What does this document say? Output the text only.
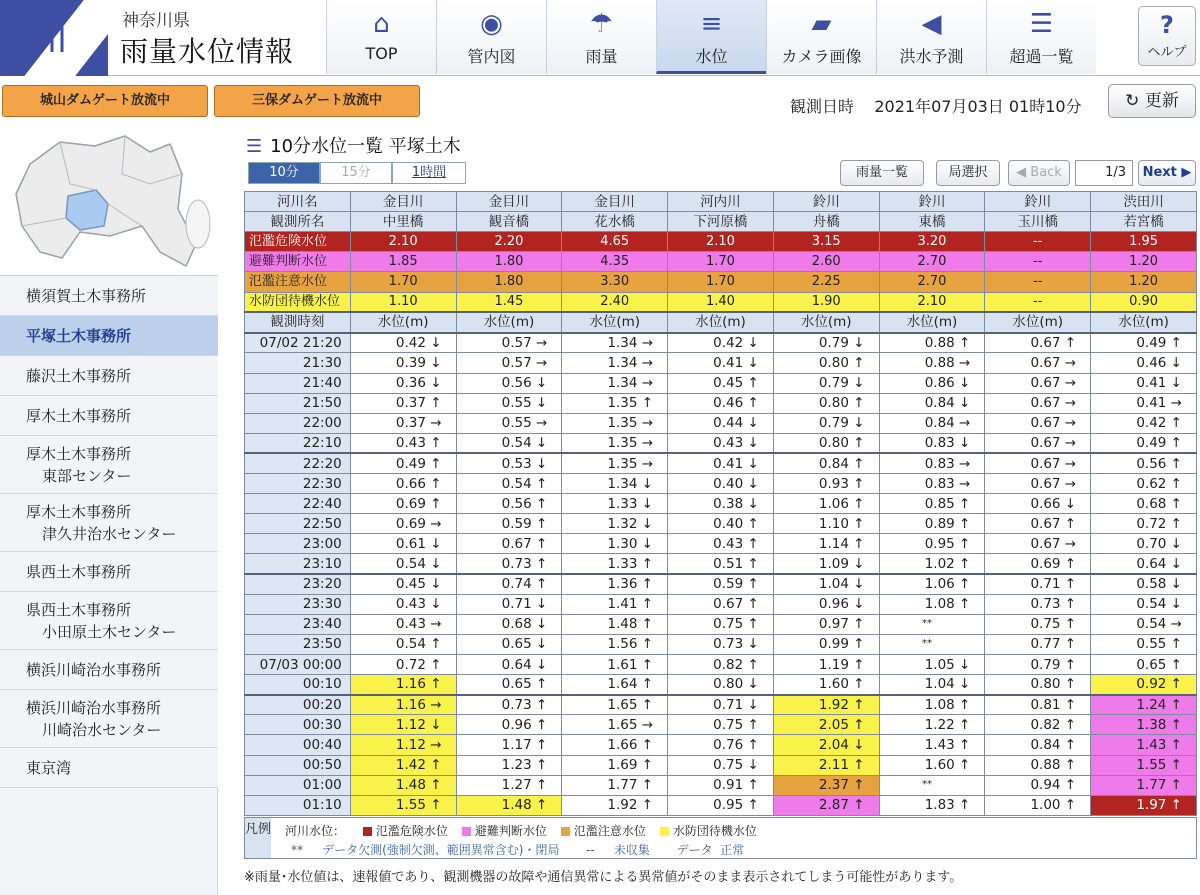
神奈川県
雨量水位情報
⌂
TOP
◉
管内図
☂
雨量
≡
水位
▰
カメラ画像
◀
洪水予測
☰
超過一覧
?
ヘルプ
城山ダムゲート放流中	三保ダムゲート放流中	観測日時 2021年07月03日 01時10分	↻ 更新
横須賀土木事務所
平塚土木事務所
藤沢土木事務所
厚木土木事務所
厚木土木事務所
東部センター
厚木土木事務所
津久井治水センター
県西土木事務所
県西土木事務所
小田原土木センター
横浜川崎治水事務所
横浜川崎治水事務所
川崎治水センター
東京湾
☰ 10分水位一覧 平塚土木
10分	15分	1時間	雨量一覧	局選択	◀ Back	1/3	Next ▶
河川名	金目川	金目川	金目川	河内川	鈴川	鈴川	鈴川	渋田川
観測所名	中里橋	観音橋	花水橋	下河原橋	舟橋	東橋	玉川橋	若宮橋
氾濫危険水位	2.10	2.20	4.65	2.10	3.15	3.20	--	1.95
避難判断水位	1.85	1.80	4.35	1.70	2.60	2.70	--	1.20
氾濫注意水位	1.70	1.80	3.30	1.70	2.25	2.70	--	1.20
水防団待機水位	1.10	1.45	2.40	1.40	1.90	2.10	--	0.90
観測時刻	水位(m)	水位(m)	水位(m)	水位(m)	水位(m)	水位(m)	水位(m)	水位(m)
07/02 21:20	0.42 ↓	0.57 →	1.34 →	0.42 ↓	0.79 ↓	0.88 ↑	0.67 ↑	0.49 ↑
21:30	0.39 ↓	0.57 →	1.34 →	0.41 ↓	0.80 ↑	0.88 →	0.67 →	0.46 ↓
21:40	0.36 ↓	0.56 ↓	1.34 →	0.45 ↑	0.79 ↓	0.86 ↓	0.67 →	0.41 ↓
21:50	0.37 ↑	0.55 ↓	1.35 ↑	0.46 ↑	0.80 ↑	0.84 ↓	0.67 →	0.41 →
22:00	0.37 →	0.55 →	1.35 →	0.44 ↓	0.79 ↓	0.84 →	0.67 →	0.42 ↑
22:10	0.43 ↑	0.54 ↓	1.35 →	0.43 ↓	0.80 ↑	0.83 ↓	0.67 →	0.49 ↑
22:20	0.49 ↑	0.53 ↓	1.35 →	0.41 ↓	0.84 ↑	0.83 →	0.67 →	0.56 ↑
22:30	0.66 ↑	0.54 ↑	1.34 ↓	0.40 ↓	0.93 ↑	0.83 →	0.67 →	0.62 ↑
22:40	0.69 ↑	0.56 ↑	1.33 ↓	0.38 ↓	1.06 ↑	0.85 ↑	0.66 ↓	0.68 ↑
22:50	0.69 →	0.59 ↑	1.32 ↓	0.40 ↑	1.10 ↑	0.89 ↑	0.67 ↑	0.72 ↑
23:00	0.61 ↓	0.67 ↑	1.30 ↓	0.43 ↑	1.14 ↑	0.95 ↑	0.67 →	0.70 ↓
23:10	0.54 ↓	0.73 ↑	1.33 ↑	0.51 ↑	1.09 ↓	1.02 ↑	0.69 ↑	0.64 ↓
23:20	0.45 ↓	0.74 ↑	1.36 ↑	0.59 ↑	1.04 ↓	1.06 ↑	0.71 ↑	0.58 ↓
23:30	0.43 ↓	0.71 ↓	1.41 ↑	0.67 ↑	0.96 ↓	1.08 ↑	0.73 ↑	0.54 ↓
23:40	0.43 →	0.68 ↓	1.48 ↑	0.75 ↑	0.97 ↑	**	0.75 ↑	0.54 →
23:50	0.54 ↑	0.65 ↓	1.56 ↑	0.73 ↓	0.99 ↑	**	0.77 ↑	0.55 ↑
07/03 00:00	0.72 ↑	0.64 ↓	1.61 ↑	0.82 ↑	1.19 ↑	1.05 ↓	0.79 ↑	0.65 ↑
00:10	1.16 ↑	0.65 ↑	1.64 ↑	0.80 ↓	1.60 ↑	1.04 ↓	0.80 ↑	0.92 ↑
00:20	1.16 →	0.73 ↑	1.65 ↑	0.71 ↓	1.92 ↑	1.08 ↑	0.81 ↑	1.24 ↑
00:30	1.12 ↓	0.96 ↑	1.65 →	0.75 ↑	2.05 ↑	1.22 ↑	0.82 ↑	1.38 ↑
00:40	1.12 →	1.17 ↑	1.66 ↑	0.76 ↑	2.04 ↓	1.43 ↑	0.84 ↑	1.43 ↑
00:50	1.42 ↑	1.23 ↑	1.69 ↑	0.75 ↓	2.11 ↑	1.60 ↑	0.88 ↑	1.55 ↑
01:00	1.48 ↑	1.27 ↑	1.77 ↑	0.91 ↑	2.37 ↑	**	0.94 ↑	1.77 ↑
01:10	1.55 ↑	1.48 ↑	1.92 ↑	0.95 ↑	2.87 ↑	1.83 ↑	1.00 ↑	1.97 ↑
凡例 河川水位：	氾濫危険水位 避難判断水位 氾濫注意水位 水防団待機水位
** データ欠測(強制欠測、範囲異常含む)・閉局 -- 未収集 データ 正常
※雨量･水位値は、速報値であり、観測機器の故障や通信異常による異常値がそのまま表示されてしまう可能性があります。
